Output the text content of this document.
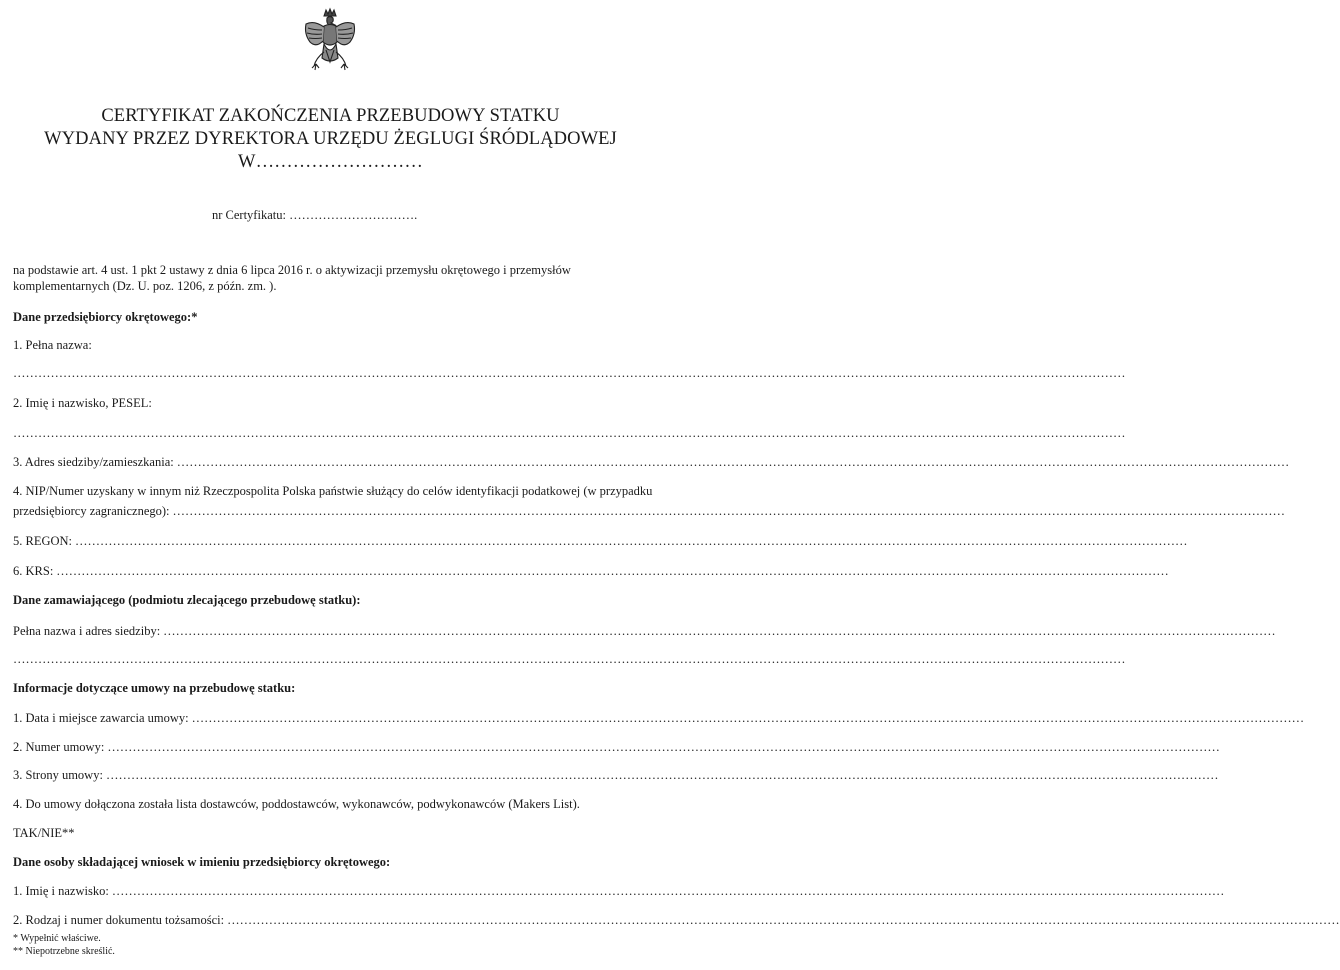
CERTYFIKAT ZAKOŃCZENIA PRZEBUDOWY STATKU
WYDANY PRZEZ DYREKTORA URZĘDU ŻEGLUGI ŚRÓDLĄDOWEJ
W………………………
nr Certyfikatu: ………………………….
na podstawie art. 4 ust. 1 pkt 2 ustawy z dnia 6 lipca 2016 r. o aktywizacji przemysłu okrętowego i przemysłów
komplementarnych (Dz. U. poz. 1206, z późn. zm. ).
Dane przedsiębiorcy okrętowego:*
1. Pełna nazwa:
……………………………………………………………………………………………………………………………………………………………………………………………………………………………………………
2. Imię i nazwisko, PESEL:
……………………………………………………………………………………………………………………………………………………………………………………………………………………………………………
3. Adres siedziby/zamieszkania: ……………………………………………………………………………………………………………………………………………………………………………………………………………………………………………
4. NIP/Numer uzyskany w innym niż Rzeczpospolita Polska państwie służący do celów identyfikacji podatkowej (w przypadku
przedsiębiorcy zagranicznego): ……………………………………………………………………………………………………………………………………………………………………………………………………………………………………………
5. REGON: ……………………………………………………………………………………………………………………………………………………………………………………………………………………………………………
6. KRS: ……………………………………………………………………………………………………………………………………………………………………………………………………………………………………………
Dane zamawiającego (podmiotu zlecającego przebudowę statku):
Pełna nazwa i adres siedziby: ……………………………………………………………………………………………………………………………………………………………………………………………………………………………………………
……………………………………………………………………………………………………………………………………………………………………………………………………………………………………………
Informacje dotyczące umowy na przebudowę statku:
1. Data i miejsce zawarcia umowy: ……………………………………………………………………………………………………………………………………………………………………………………………………………………………………………
2. Numer umowy: ……………………………………………………………………………………………………………………………………………………………………………………………………………………………………………
3. Strony umowy: ……………………………………………………………………………………………………………………………………………………………………………………………………………………………………………
4. Do umowy dołączona została lista dostawców, poddostawców, wykonawców, podwykonawców (Makers List).
TAK/NIE**
Dane osoby składającej wniosek w imieniu przedsiębiorcy okrętowego:
1. Imię i nazwisko: ……………………………………………………………………………………………………………………………………………………………………………………………………………………………………………
2. Rodzaj i numer dokumentu tożsamości: ……………………………………………………………………………………………………………………………………………………………………………………………………………………………………………
* Wypełnić właściwe.
** Niepotrzebne skreślić.
